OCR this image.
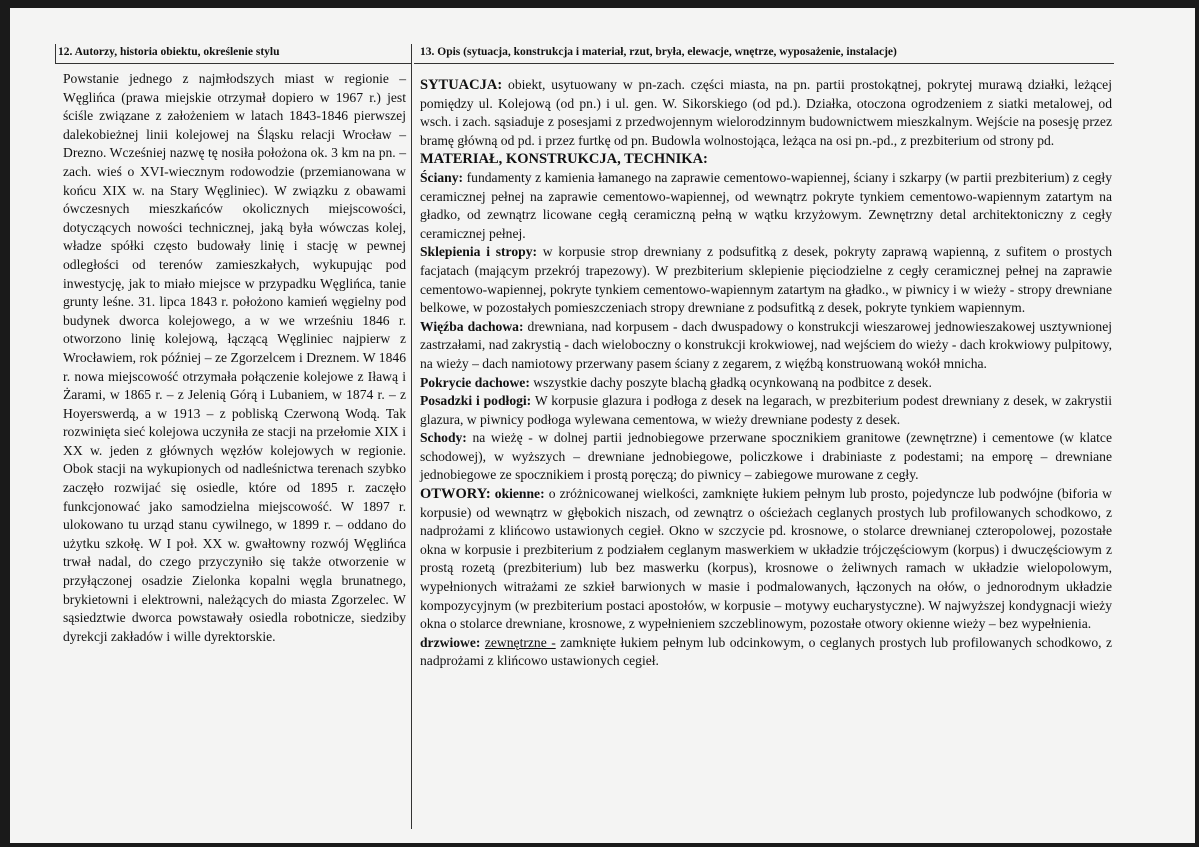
12. Autorzy, historia obiektu, określenie stylu	13. Opis (sytuacja, konstrukcja i materiał, rzut, bryła, elewacje, wnętrze, wyposażenie, instalacje)
Powstanie jednego z najmłodszych miast w regionie – Węglińca (prawa miejskie otrzymał dopiero w 1967 r.) jest ściśle związane z założeniem w latach 1843-1846 pierwszej dalekobieżnej linii kolejowej na Śląsku relacji Wrocław – Drezno. Wcześniej nazwę tę nosiła położona ok. 3 km na pn. – zach. wieś o XVI-wiecznym rodowodzie (przemianowana w końcu XIX w. na Stary Węgliniec). W związku z obawami ówczesnych mieszkańców okolicznych miejscowości, dotyczących nowości technicznej, jaką była wówczas kolej, władze spółki często budowały linię i stację w pewnej odległości od terenów zamieszkałych, wykupując pod inwestycję, jak to miało miejsce w przypadku Węglińca, tanie grunty leśne. 31. lipca 1843 r. położono kamień węgielny pod budynek dworca kolejowego, a w we wrześniu 1846 r. otworzono linię kolejową, łączącą Węgliniec najpierw z Wrocławiem, rok później – ze Zgorzelcem i Dreznem. W 1846 r. nowa miejscowość otrzymała połączenie kolejowe z Iławą i Żarami, w 1865 r. – z Jelenią Górą i Lubaniem, w 1874 r. – z Hoyerswerdą, a w 1913 – z pobliską Czerwoną Wodą. Tak rozwinięta sieć kolejowa uczyniła ze stacji na przełomie XIX i XX w. jeden z głównych węzłów kolejowych w regionie. Obok stacji na wykupionych od nadleśnictwa terenach szybko zaczęło rozwijać się osiedle, które od 1895 r. zaczęło funkcjonować jako samodzielna miejscowość. W 1897 r. ulokowano tu urząd stanu cywilnego, w 1899 r. – oddano do użytku szkołę. W I poł. XX w. gwałtowny rozwój Węglińca trwał nadal, do czego przyczyniło się także otworzenie w przyłączonej osadzie Zielonka kopalni węgla brunatnego, brykietowni i elektrowni, należących do miasta Zgorzelec. W sąsiedztwie dworca powstawały osiedla robotnicze, siedziby dyrekcji zakładów i wille dyrektorskie.

SYTUACJA: obiekt, usytuowany w pn-zach. części miasta, na pn. partii prostokątnej, pokrytej murawą działki, leżącej pomiędzy ul. Kolejową (od pn.) i ul. gen. W. Sikorskiego (od pd.). Działka, otoczona ogrodzeniem z siatki metalowej, od wsch. i zach. sąsiaduje z posesjami z przedwojennym wielorodzinnym budownictwem mieszkalnym. Wejście na posesję przez bramę główną od pd. i przez furtkę od pn. Budowla wolnostojąca, leżąca na osi pn.-pd., z prezbiterium od strony pd.

MATERIAŁ, KONSTRUKCJA, TECHNIKA:

Ściany: fundamenty z kamienia łamanego na zaprawie cementowo-wapiennej, ściany i szkarpy (w partii prezbiterium) z cegły ceramicznej pełnej na zaprawie cementowo-wapiennej, od wewnątrz pokryte tynkiem cementowo-wapiennym zatartym na gładko, od zewnątrz licowane cegłą ceramiczną pełną w wątku krzyżowym. Zewnętrzny detal architektoniczny z cegły ceramicznej pełnej.

Sklepienia i stropy: w korpusie strop drewniany z podsufitką z desek, pokryty zaprawą wapienną, z sufitem o prostych facjatach (mającym przekrój trapezowy). W prezbiterium sklepienie pięciodzielne z cegły ceramicznej pełnej na zaprawie cementowo-wapiennej, pokryte tynkiem cementowo-wapiennym zatartym na gładko., w piwnicy i w wieży - stropy drewniane belkowe, w pozostałych pomieszczeniach stropy drewniane z podsufitką z desek, pokryte tynkiem wapiennym.

Więźba dachowa: drewniana, nad korpusem - dach dwuspadowy o konstrukcji wieszarowej jednowieszakowej usztywnionej zastrzałami, nad zakrystią - dach wieloboczny o konstrukcji krokwiowej, nad wejściem do wieży - dach krokwiowy pulpitowy, na wieży – dach namiotowy przerwany pasem ściany z zegarem, z więźbą konstruowaną wokół mnicha.

Pokrycie dachowe: wszystkie dachy poszyte blachą gładką ocynkowaną na podbitce z desek.

Posadzki i podłogi: W korpusie glazura i podłoga z desek na legarach, w prezbiterium podest drewniany z desek, w zakrystii glazura, w piwnicy podłoga wylewana cementowa, w wieży drewniane podesty z desek.

Schody: na wieżę - w dolnej partii jednobiegowe przerwane spocznikiem granitowe (zewnętrzne) i cementowe (w klatce schodowej), w wyższych – drewniane jednobiegowe, policzkowe i drabiniaste z podestami; na emporę – drewniane jednobiegowe ze spocznikiem i prostą poręczą; do piwnicy – zabiegowe murowane z cegły.

OTWORY: okienne: o zróżnicowanej wielkości, zamknięte łukiem pełnym lub prosto, pojedyncze lub podwójne (biforia w korpusie) od wewnątrz w głębokich niszach, od zewnątrz o ościeżach ceglanych prostych lub profilowanych schodkowo, z nadprożami z klińcowo ustawionych cegieł. Okno w szczycie pd. krosnowe, o stolarce drewnianej czteropolowej, pozostałe okna w korpusie i prezbiterium z podziałem ceglanym maswerkiem w układzie trójczęściowym (korpus) i dwuczęściowym z prostą rozetą (prezbiterium) lub bez maswerku (korpus), krosnowe o żeliwnych ramach w układzie wielopolowym, wypełnionych witrażami ze szkieł barwionych w masie i podmalowanych, łączonych na ołów, o jednorodnym układzie kompozycyjnym (w prezbiterium postaci apostołów, w korpusie – motywy eucharystyczne). W najwyższej kondygnacji wieży okna o stolarce drewniane, krosnowe, z wypełnieniem szczeblinowym, pozostałe otwory okienne wieży – bez wypełnienia.

drzwiowe: zewnętrzne - zamknięte łukiem pełnym lub odcinkowym, o ceglanych prostych lub profilowanych schodkowo, z nadprożami z klińcowo ustawionych cegieł.
